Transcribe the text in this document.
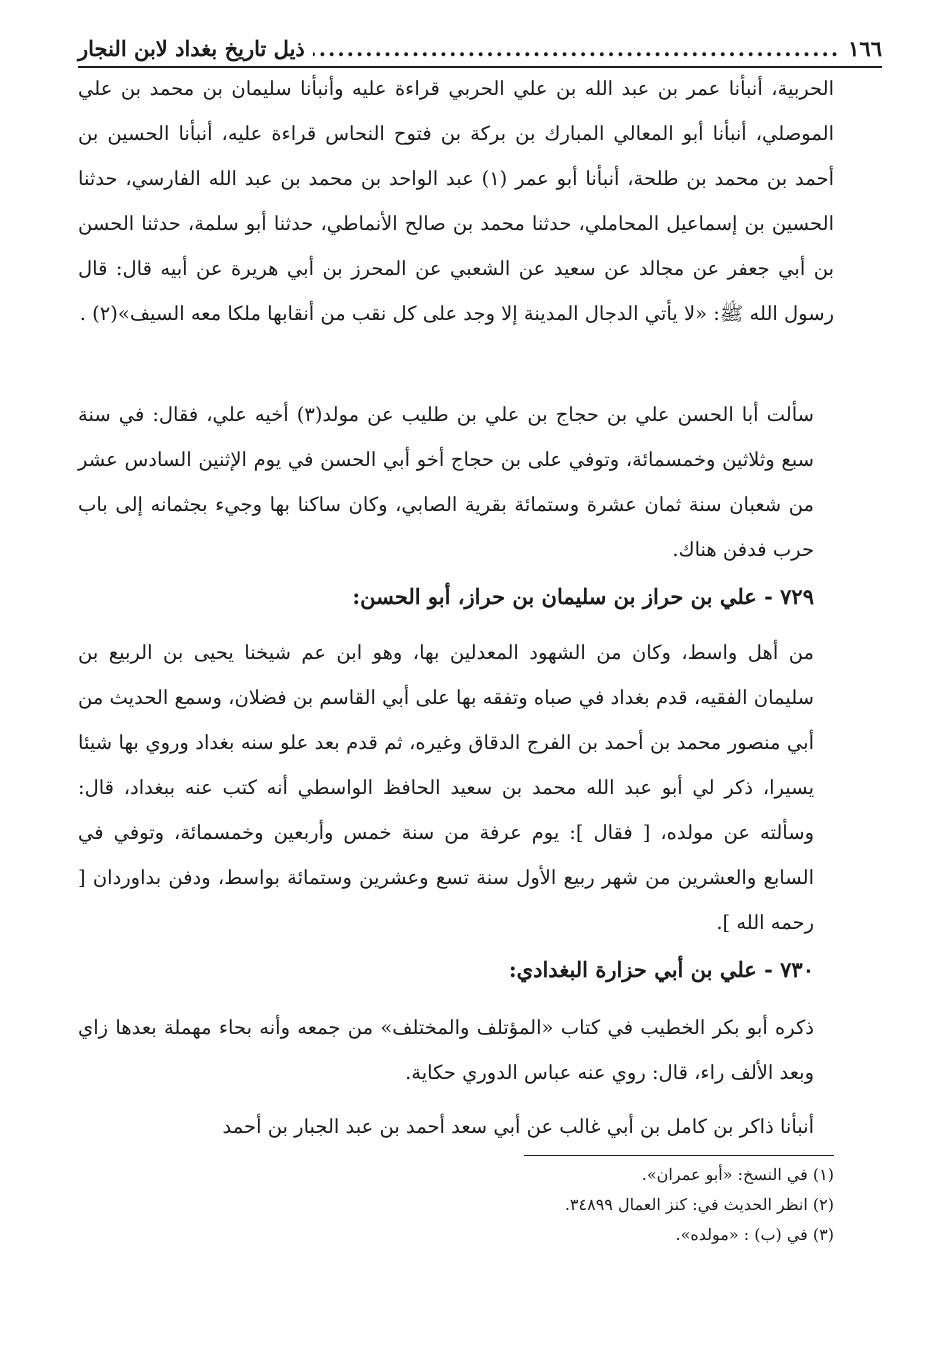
١٦٦
.....
ذيل تاريخ بغداد لابن النجار
الحربية، أنبأنا عمر بن عبد الله بن علي الحربي قراءة عليه وأنبأنا سليمان بن محمد بن علي الموصلي، أنبأنا أبو المعالي المبارك بن بركة بن فتوح النحاس قراءة عليه، أنبأنا الحسين بن أحمد بن محمد بن طلحة، أنبأنا أبو عمر (١) عبد الواحد بن محمد بن عبد الله الفارسي، حدثنا الحسين بن إسماعيل المحاملي، حدثنا محمد بن صالح الأنماطي، حدثنا أبو سلمة، حدثنا الحسن بن أبي جعفر عن مجالد عن سعيد عن الشعبي عن المحرز بن أبي هريرة عن أبيه قال: قال رسول الله ﷺ: «لا يأتي الدجال المدينة إلا وجد على كل نقب من أنقابها ملكا معه السيف»(٢) .
سألت أبا الحسن علي بن حجاج بن علي بن طليب عن مولد(٣) أخيه علي، فقال: في سنة سبع وثلاثين وخمسمائة، وتوفي على بن حجاج أخو أبي الحسن في يوم الإثنين السادس عشر من شعبان سنة ثمان عشرة وستمائة بقرية الصابي، وكان ساكنا بها وجيء بجثمانه إلى باب حرب فدفن هناك.
٧٢٩ - علي بن حراز بن سليمان بن حراز، أبو الحسن:
من أهل واسط، وكان من الشهود المعدلين بها، وهو ابن عم شيخنا يحيى بن الربيع بن سليمان الفقيه، قدم بغداد في صباه وتفقه بها على أبي القاسم بن فضلان، وسمع الحديث من أبي منصور محمد بن أحمد بن الفرج الدقاق وغيره، ثم قدم بعد علو سنه بغداد وروي بها شيئا يسيرا، ذكر لي أبو عبد الله محمد بن سعيد الحافظ الواسطي أنه كتب عنه ببغداد، قال: وسألته عن مولده، [ فقال ]: يوم عرفة من سنة خمس وأربعين وخمسمائة، وتوفي في السابع والعشرين من شهر ربيع الأول سنة تسع وعشرين وستمائة بواسط، ودفن بداوردان [ رحمه الله ].
٧٣٠ - علي بن أبي حزارة البغدادي:
ذكره أبو بكر الخطيب في كتاب «المؤتلف والمختلف» من جمعه وأنه بحاء مهملة بعدها زاي وبعد الألف راء، قال: روي عنه عباس الدوري حكاية.
أنبأنا ذاكر بن كامل بن أبي غالب عن أبي سعد أحمد بن عبد الجبار بن أحمد
(١) في النسخ: «أبو عمران».
(٢) انظر الحديث في: كنز العمال ٣٤٨٩٩.
(٣) في (ب) : «مولده».
